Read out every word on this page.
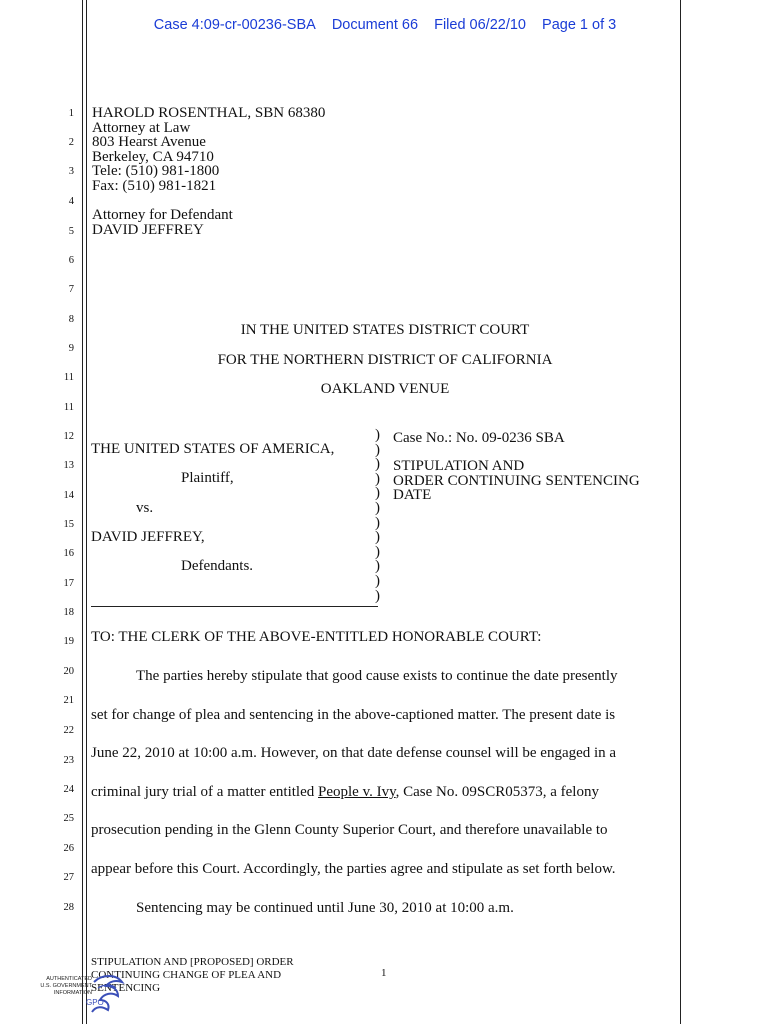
Case 4:09-cr-00236-SBA Document 66 Filed 06/22/10 Page 1 of 3
1
2
3
4
5
6
7
8
9
11
11
12
13
14
15
16
17
18
19
20
21
22
23
24
25
26
27
28
HAROLD ROSENTHAL, SBN 68380
Attorney at Law
803 Hearst Avenue
Berkeley, CA 94710
Tele: (510) 981-1800
Fax: (510) 981-1821
Attorney for Defendant
DAVID JEFFREY
IN THE UNITED STATES DISTRICT COURT
FOR THE NORTHERN DISTRICT OF CALIFORNIA
OAKLAND VENUE
THE UNITED STATES OF AMERICA,
Plaintiff,
vs.
DAVID JEFFREY,
Defendants.
)
)
)
)
)
)
)
)
)
)
)
)
Case No.: No. 09-0236 SBA
STIPULATION AND
ORDER CONTINUING SENTENCING
DATE
TO: THE CLERK OF THE ABOVE-ENTITLED HONORABLE COURT:
The parties hereby stipulate that good cause exists to continue the date presently
set for change of plea and sentencing in the above-captioned matter. The present date is
June 22, 2010 at 10:00 a.m. However, on that date defense counsel will be engaged in a
criminal jury trial of a matter entitled People v. Ivy, Case No. 09SCR05373, a felony
prosecution pending in the Glenn County Superior Court, and therefore unavailable to
appear before this Court. Accordingly, the parties agree and stipulate as set forth below.
Sentencing may be continued until June 30, 2010 at 10:00 a.m.
STIPULATION AND [PROPOSED] ORDER
CONTINUING CHANGE OF PLEA AND
SENTENCING
1
AUTHENTICATED
U.S. GOVERNMENT
INFORMATION
GPO
